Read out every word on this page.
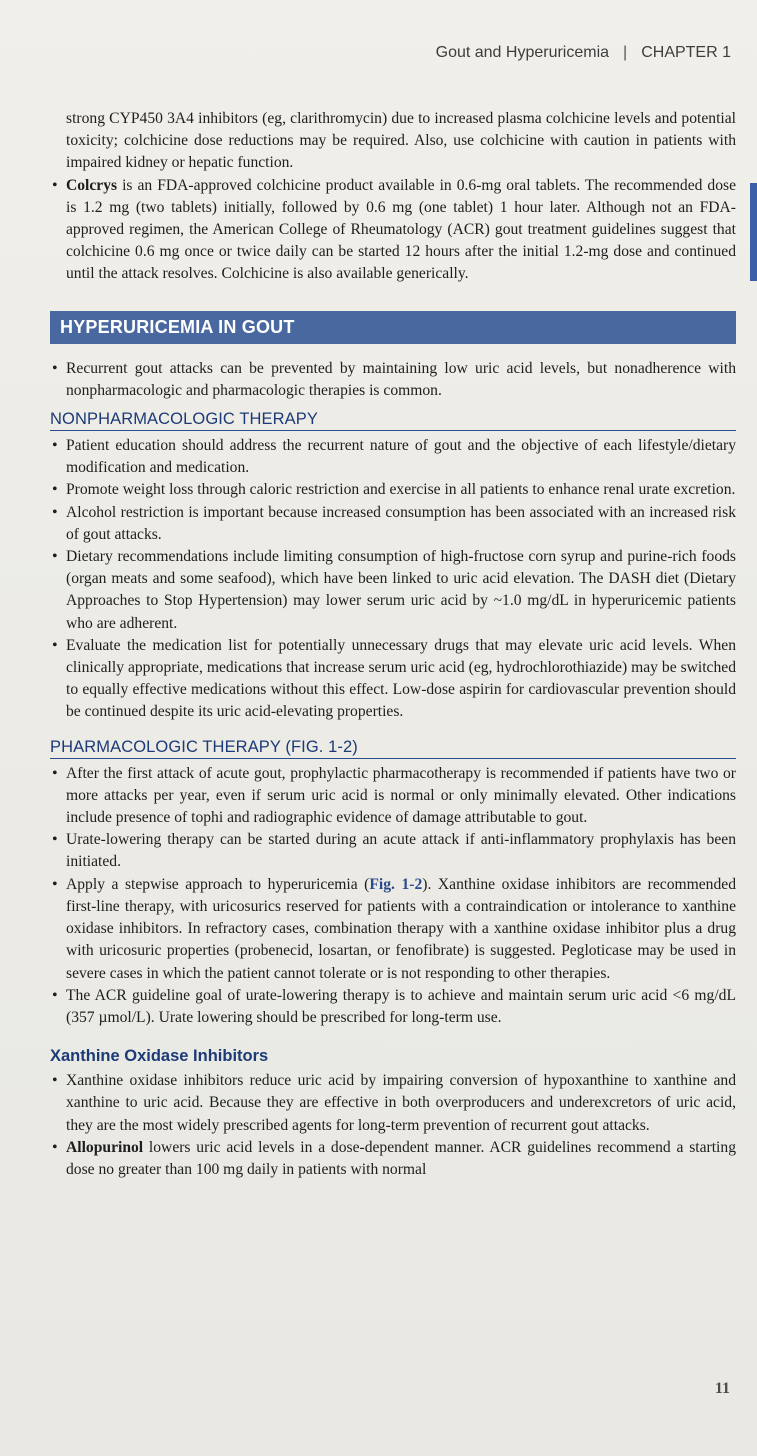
Gout and Hyperuricemia | CHAPTER 1

strong CYP450 3A4 inhibitors (eg, clarithromycin) due to increased plasma colchicine levels and potential toxicity; colchicine dose reductions may be required. Also, use colchicine with caution in patients with impaired kidney or hepatic function.

• Colcrys is an FDA-approved colchicine product available in 0.6-mg oral tablets. The recommended dose is 1.2 mg (two tablets) initially, followed by 0.6 mg (one tablet) 1 hour later. Although not an FDA-approved regimen, the American College of Rheumatology (ACR) gout treatment guidelines suggest that colchicine 0.6 mg once or twice daily can be started 12 hours after the initial 1.2-mg dose and continued until the attack resolves. Colchicine is also available generically.
HYPERURICEMIA IN GOUT
• Recurrent gout attacks can be prevented by maintaining low uric acid levels, but nonadherence with nonpharmacologic and pharmacologic therapies is common.
NONPHARMACOLOGIC THERAPY
• Patient education should address the recurrent nature of gout and the objective of each lifestyle/dietary modification and medication.
• Promote weight loss through caloric restriction and exercise in all patients to enhance renal urate excretion.
• Alcohol restriction is important because increased consumption has been associated with an increased risk of gout attacks.
• Dietary recommendations include limiting consumption of high-fructose corn syrup and purine-rich foods (organ meats and some seafood), which have been linked to uric acid elevation. The DASH diet (Dietary Approaches to Stop Hypertension) may lower serum uric acid by ~1.0 mg/dL in hyperuricemic patients who are adherent.
• Evaluate the medication list for potentially unnecessary drugs that may elevate uric acid levels. When clinically appropriate, medications that increase serum uric acid (eg, hydrochlorothiazide) may be switched to equally effective medications without this effect. Low-dose aspirin for cardiovascular prevention should be continued despite its uric acid-elevating properties.
PHARMACOLOGIC THERAPY (FIG. 1-2)
• After the first attack of acute gout, prophylactic pharmacotherapy is recommended if patients have two or more attacks per year, even if serum uric acid is normal or only minimally elevated. Other indications include presence of tophi and radiographic evidence of damage attributable to gout.
• Urate-lowering therapy can be started during an acute attack if anti-inflammatory prophylaxis has been initiated.
• Apply a stepwise approach to hyperuricemia (Fig. 1-2). Xanthine oxidase inhibitors are recommended first-line therapy, with uricosurics reserved for patients with a contraindication or intolerance to xanthine oxidase inhibitors. In refractory cases, combination therapy with a xanthine oxidase inhibitor plus a drug with uricosuric properties (probenecid, losartan, or fenofibrate) is suggested. Pegloticase may be used in severe cases in which the patient cannot tolerate or is not responding to other therapies.
• The ACR guideline goal of urate-lowering therapy is to achieve and maintain serum uric acid <6 mg/dL (357 µmol/L). Urate lowering should be prescribed for long-term use.
Xanthine Oxidase Inhibitors
• Xanthine oxidase inhibitors reduce uric acid by impairing conversion of hypoxanthine to xanthine and xanthine to uric acid. Because they are effective in both overproducers and underexcretors of uric acid, they are the most widely prescribed agents for long-term prevention of recurrent gout attacks.
• Allopurinol lowers uric acid levels in a dose-dependent manner. ACR guidelines recommend a starting dose no greater than 100 mg daily in patients with normal
11
